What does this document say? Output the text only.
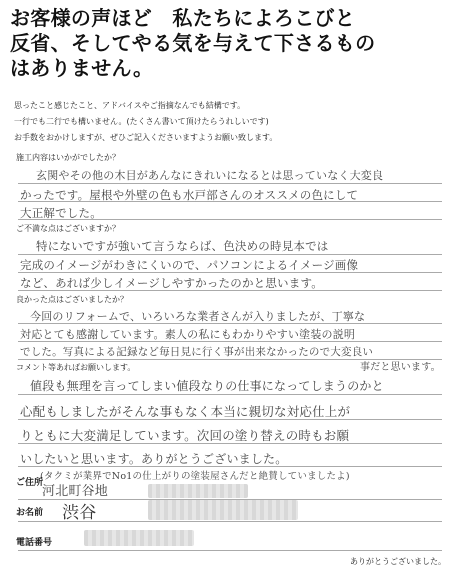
お客様の声ほど　私たちによろこびと
反省、そしてやる気を与えて下さるもの
はありません。
思ったこと感じたこと、アドバイスやご指摘なんでも結構です。
一行でも二行でも構いません。(たくさん書いて頂けたらうれしいです)
お手数をおかけしますが、ぜひご記入くださいますようお願い致します。
施工内容はいかがでしたか？
玄関やその他の木目があんなにきれいになるとは思っていなく大変良
かったです。屋根や外壁の色も水戸部さんのオススメの色にして
大正解でした。
ご不満な点はございますか？
特にないですが強いて言うならば、色決めの時見本では
完成のイメージがわきにくいので、パソコンによるイメージ画像
など、あれば少しイメージしやすかったのかと思います。
良かった点はございましたか？
今回のリフォームで、いろいろな業者さんが入りましたが、丁寧な
対応とても感謝しています。素人の私にもわかりやすい塗装の説明
でした。写真による記録など毎日見に行く事が出来なかったので大変良い
事だと思います。
コメント等あればお願いします。
値段も無理を言ってしまい値段なりの仕事になってしまうのかと
心配もしましたがそんな事もなく本当に親切な対応仕上が
りともに大変満足しています。次回の塗り替えの時もお願
いしたいと思います。ありがとうございました。
(タクミが業界でNo1の仕上がりの塗装屋さんだと絶賛していましたよ)
ご住所
河北町谷地
お名前 渋谷
電話番号
ありがとうございました。
